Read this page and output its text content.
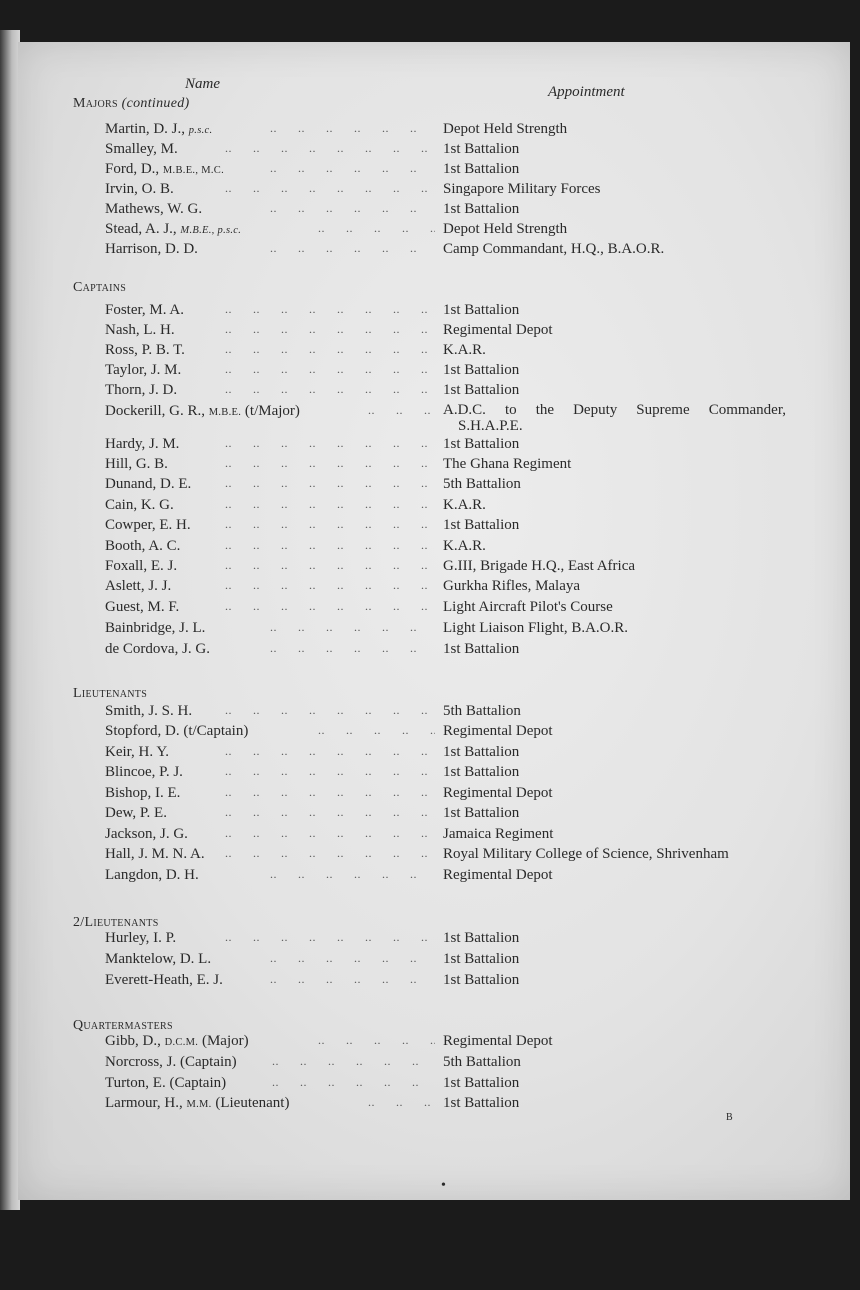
Name	Appointment
Majors (continued)
Martin, D. J., p.s.c. ..	Depot Held Strength
Smalley, M. ..	1st Battalion
Ford, D., M.B.E., M.C. ..	1st Battalion
Irvin, O. B. ..	Singapore Military Forces
Mathews, W. G. ..	1st Battalion
Stead, A. J., M.B.E., p.s.c. ..	Depot Held Strength
Harrison, D. D. ..	Camp Commandant, H.Q., B.A.O.R.
Captains
Foster, M. A. ..	1st Battalion
Nash, L. H. ..	Regimental Depot
Ross, P. B. T. ..	K.A.R.
Taylor, J. M. ..	1st Battalion
Thorn, J. D. ..	1st Battalion
Dockerill, G. R., M.B.E. (t/Major) ..	A.D.C. to the Deputy Supreme Commander,
S.H.A.P.E.
Hardy, J. M. ..	1st Battalion
Hill, G. B. ..	The Ghana Regiment
Dunand, D. E. ..	5th Battalion
Cain, K. G. ..	K.A.R.
Cowper, E. H. ..	1st Battalion
Booth, A. C. ..	K.A.R.
Foxall, E. J. ..	G.III, Brigade H.Q., East Africa
Aslett, J. J. ..	Gurkha Rifles, Malaya
Guest, M. F. ..	Light Aircraft Pilot's Course
Bainbridge, J. L. ..	Light Liaison Flight, B.A.O.R.
de Cordova, J. G. ..	1st Battalion
Lieutenants
Smith, J. S. H. ..	5th Battalion
Stopford, D. (t/Captain) ..	Regimental Depot
Keir, H. Y. ..	1st Battalion
Blincoe, P. J. ..	1st Battalion
Bishop, I. E. ..	Regimental Depot
Dew, P. E. ..	1st Battalion
Jackson, J. G. ..	Jamaica Regiment
Hall, J. M. N. A. ..	Royal Military College of Science, Shrivenham
Langdon, D. H. ..	Regimental Depot
2/Lieutenants
Hurley, I. P. ..	1st Battalion
Manktelow, D. L. ..	1st Battalion
Everett-Heath, E. J. ..	1st Battalion
Quartermasters
Gibb, D., D.C.M. (Major) ..	Regimental Depot
Norcross, J. (Captain) ..	5th Battalion
Turton, E. (Captain) ..	1st Battalion
Larmour, H., M.M. (Lieutenant) ..	1st Battalion
B
•
